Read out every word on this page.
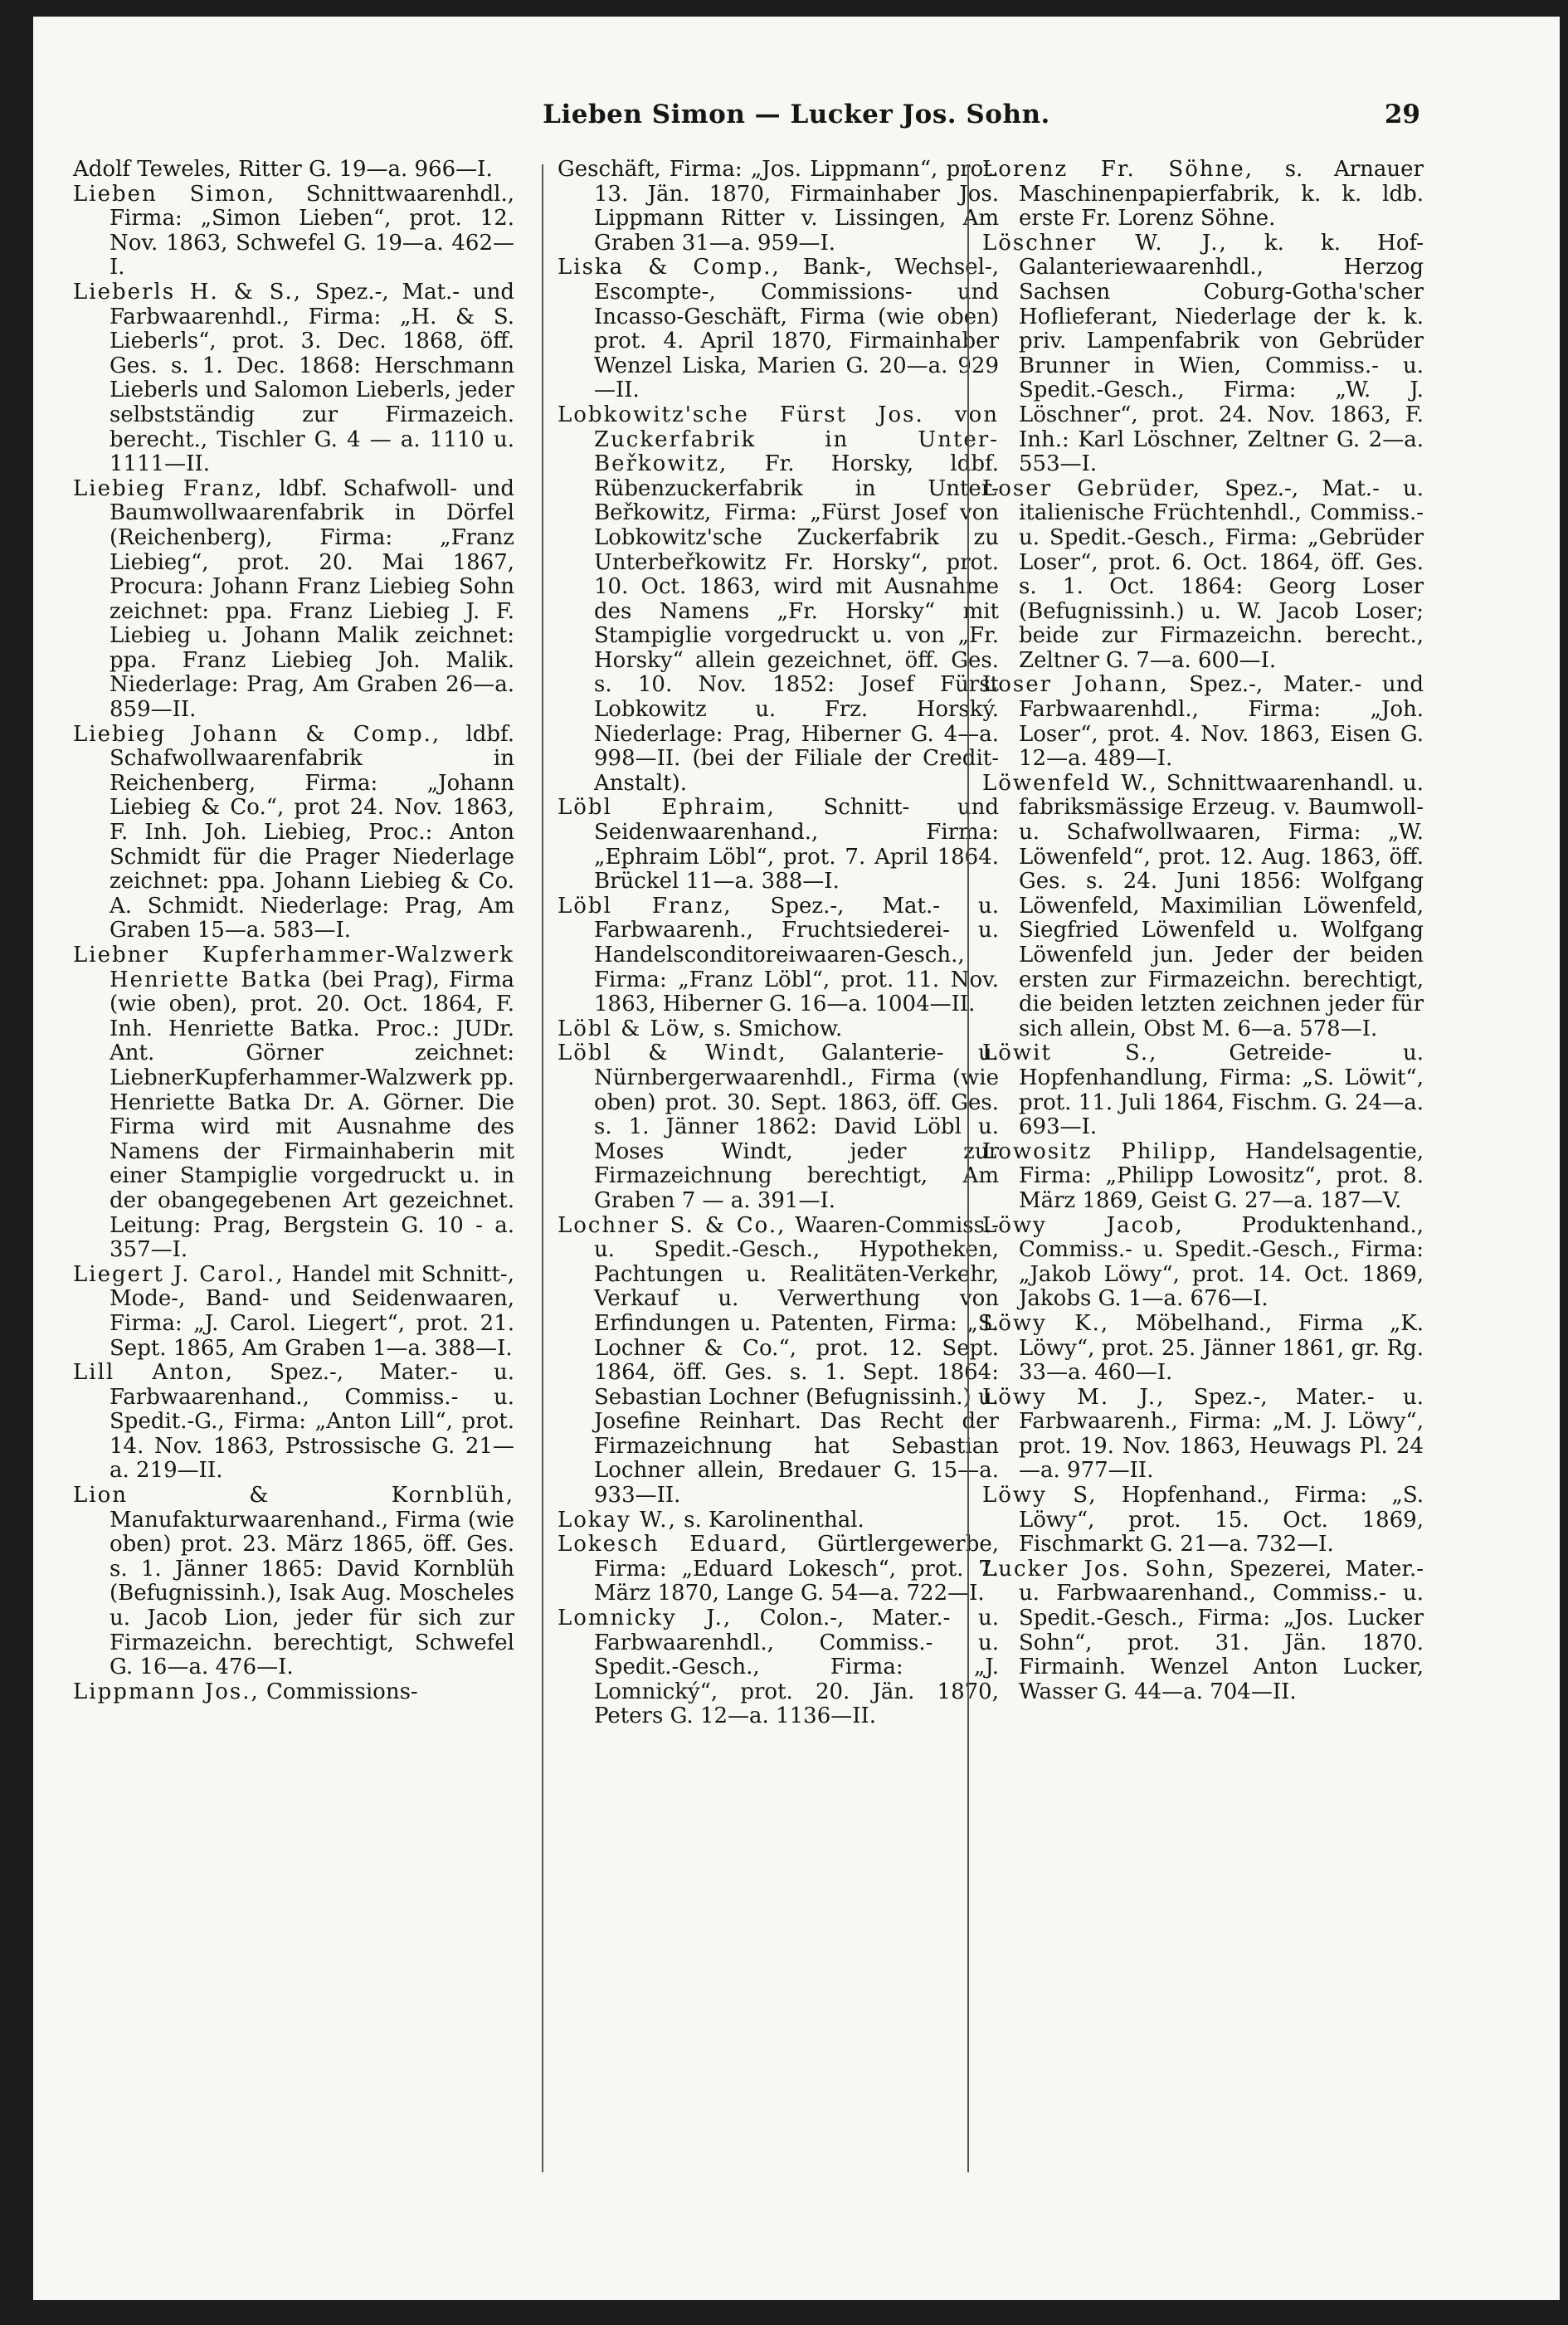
Lieben Simon — Lucker Jos. Sohn.	29

Adolf Teweles, Ritter G. 19—a. 966—I.

Lieben Simon, Schnittwaarenhdl., Firma: „Simon Lieben“, prot. 12. Nov. 1863, Schwefel G. 19—a. 462—I.

Lieberls H. & S., Spez.-, Mat.- und Farbwaarenhdl., Firma: „H. & S. Lieberls“, prot. 3. Dec. 1868, öff. Ges. s. 1. Dec. 1868: Herschmann Lieberls und Salomon Lieberls, jeder selbstständig zur Firmazeich. berecht., Tischler G. 4 — a. 1110 u. 1111—II.

Liebieg Franz, ldbf. Schafwoll- und Baumwollwaarenfabrik in Dörfel (Reichenberg), Firma: „Franz Liebieg“, prot. 20. Mai 1867, Procura: Johann Franz Liebieg Sohn zeichnet: ppa. Franz Liebieg J. F. Liebieg u. Johann Malik zeichnet: ppa. Franz Liebieg Joh. Malik. Niederlage: Prag, Am Graben 26—a. 859—II.

Liebieg Johann & Comp., ldbf. Schafwollwaarenfabrik in Reichenberg, Firma: „Johann Liebieg & Co.“, prot 24. Nov. 1863, F. Inh. Joh. Liebieg, Proc.: Anton Schmidt für die Prager Niederlage zeichnet: ppa. Johann Liebieg & Co. A. Schmidt. Niederlage: Prag, Am Graben 15—a. 583—I.

Liebner Kupferhammer-Walzwerk Henriette Batka (bei Prag), Firma (wie oben), prot. 20. Oct. 1864, F. Inh. Henriette Batka. Proc.: JUDr. Ant. Görner zeichnet: LiebnerKupferhammer-Walzwerk pp. Henriette Batka Dr. A. Görner. Die Firma wird mit Ausnahme des Namens der Firmainhaberin mit einer Stampiglie vorgedruckt u. in der obangegebenen Art gezeichnet. Leitung: Prag, Bergstein G. 10 - a. 357—I.

Liegert J. Carol., Handel mit Schnitt-, Mode-, Band- und Seidenwaaren, Firma: „J. Carol. Liegert“, prot. 21. Sept. 1865, Am Graben 1—a. 388—I.

Lill Anton, Spez.-, Mater.- u. Farbwaarenhand., Commiss.- u. Spedit.-G., Firma: „Anton Lill“, prot. 14. Nov. 1863, Pstrossische G. 21—a. 219—II.

Lion & Kornblüh, Manufakturwaarenhand., Firma (wie oben) prot. 23. März 1865, öff. Ges. s. 1. Jänner 1865: David Kornblüh (Befugnissinh.), Isak Aug. Moscheles u. Jacob Lion, jeder für sich zur Firmazeichn. berechtigt, Schwefel G. 16—a. 476—I.

Lippmann Jos., Commissions-

Geschäft, Firma: „Jos. Lippmann“, prot. 13. Jän. 1870, Firmainhaber Jos. Lippmann Ritter v. Lissingen, Am Graben 31—a. 959—I.

Liska & Comp., Bank-, Wechsel-, Escompte-, Commissions- und Incasso-Geschäft, Firma (wie oben) prot. 4. April 1870, Firmainhaber Wenzel Liska, Marien G. 20—a. 929—II.

Lobkowitz'sche Fürst Jos. von Zuckerfabrik in Unter-Beřkowitz, Fr. Horsky, ldbf. Rübenzuckerfabrik in Unter-Beřkowitz, Firma: „Fürst Josef von Lobkowitz'sche Zuckerfabrik zu Unterbeřkowitz Fr. Horsky“, prot. 10. Oct. 1863, wird mit Ausnahme des Namens „Fr. Horsky“ mit Stampiglie vorgedruckt u. von „Fr. Horsky“ allein gezeichnet, öff. Ges. s. 10. Nov. 1852: Josef Fürst Lobkowitz u. Frz. Horský. Niederlage: Prag, Hiberner G. 4—a. 998—II. (bei der Filiale der Credit-Anstalt).

Löbl Ephraim, Schnitt- und Seidenwaarenhand., Firma: „Ephraim Löbl“, prot. 7. April 1864. Brückel 11—a. 388—I.

Löbl Franz, Spez.-, Mat.- u. Farbwaarenh., Fruchtsiederei- u. Handelsconditoreiwaaren-Gesch., Firma: „Franz Löbl“, prot. 11. Nov. 1863, Hiberner G. 16—a. 1004—II.

Löbl & Löw, s. Smichow.

Löbl & Windt, Galanterie- u. Nürnbergerwaarenhdl., Firma (wie oben) prot. 30. Sept. 1863, öff. Ges. s. 1. Jänner 1862: David Löbl u. Moses Windt, jeder zur Firmazeichnung berechtigt, Am Graben 7 — a. 391—I.

Lochner S. & Co., Waaren-Commiss.- u. Spedit.-Gesch., Hypotheken, Pachtungen u. Realitäten-Verkehr, Verkauf u. Verwerthung von Erfindungen u. Patenten, Firma: „S. Lochner & Co.“, prot. 12. Sept. 1864, öff. Ges. s. 1. Sept. 1864: Sebastian Lochner (Befugnissinh.) u. Josefine Reinhart. Das Recht der Firmazeichnung hat Sebastian Lochner allein, Bredauer G. 15—a. 933—II.

Lokay W., s. Karolinenthal.

Lokesch Eduard, Gürtlergewerbe, Firma: „Eduard Lokesch“, prot. 7. März 1870, Lange G. 54—a. 722—I.

Lomnicky J., Colon.-, Mater.- u. Farbwaarenhdl., Commiss.- u. Spedit.-Gesch., Firma: „J. Lomnický“, prot. 20. Jän. 1870, Peters G. 12—a. 1136—II.

Lorenz Fr. Söhne, s. Arnauer Maschinenpapierfabrik, k. k. ldb. erste Fr. Lorenz Söhne.

Löschner W. J., k. k. Hof-Galanteriewaarenhdl., Herzog Sachsen Coburg-Gotha'scher Hoflieferant, Niederlage der k. k. priv. Lampenfabrik von Gebrüder Brunner in Wien, Commiss.- u. Spedit.-Gesch., Firma: „W. J. Löschner“, prot. 24. Nov. 1863, F. Inh.: Karl Löschner, Zeltner G. 2—a. 553—I.

Loser Gebrüder, Spez.-, Mat.- u. italienische Früchtenhdl., Commiss.- u. Spedit.-Gesch., Firma: „Gebrüder Loser“, prot. 6. Oct. 1864, öff. Ges. s. 1. Oct. 1864: Georg Loser (Befugnissinh.) u. W. Jacob Loser; beide zur Firmazeichn. berecht., Zeltner G. 7—a. 600—I.

Loser Johann, Spez.-, Mater.- und Farbwaarenhdl., Firma: „Joh. Loser“, prot. 4. Nov. 1863, Eisen G. 12—a. 489—I.

Löwenfeld W., Schnittwaarenhandl. u. fabriksmässige Erzeug. v. Baumwoll- u. Schafwollwaaren, Firma: „W. Löwenfeld“, prot. 12. Aug. 1863, öff. Ges. s. 24. Juni 1856: Wolfgang Löwenfeld, Maximilian Löwenfeld, Siegfried Löwenfeld u. Wolfgang Löwenfeld jun. Jeder der beiden ersten zur Firmazeichn. berechtigt, die beiden letzten zeichnen jeder für sich allein, Obst M. 6—a. 578—I.

Löwit S., Getreide- u. Hopfenhandlung, Firma: „S. Löwit“, prot. 11. Juli 1864, Fischm. G. 24—a. 693—I.

Lowositz Philipp, Handelsagentie, Firma: „Philipp Lowositz“, prot. 8. März 1869, Geist G. 27—a. 187—V.

Löwy Jacob, Produktenhand., Commiss.- u. Spedit.-Gesch., Firma: „Jakob Löwy“, prot. 14. Oct. 1869, Jakobs G. 1—a. 676—I.

Löwy K., Möbelhand., Firma „K. Löwy“, prot. 25. Jänner 1861, gr. Rg. 33—a. 460—I.

Löwy M. J., Spez.-, Mater.- u. Farbwaarenh., Firma: „M. J. Löwy“, prot. 19. Nov. 1863, Heuwags Pl. 24—a. 977—II.

Löwy S, Hopfenhand., Firma: „S. Löwy“, prot. 15. Oct. 1869, Fischmarkt G. 21—a. 732—I.

Lucker Jos. Sohn, Spezerei, Mater.- u. Farbwaarenhand., Commiss.- u. Spedit.-Gesch., Firma: „Jos. Lucker Sohn“, prot. 31. Jän. 1870. Firmainh. Wenzel Anton Lucker, Wasser G. 44—a. 704—II.
